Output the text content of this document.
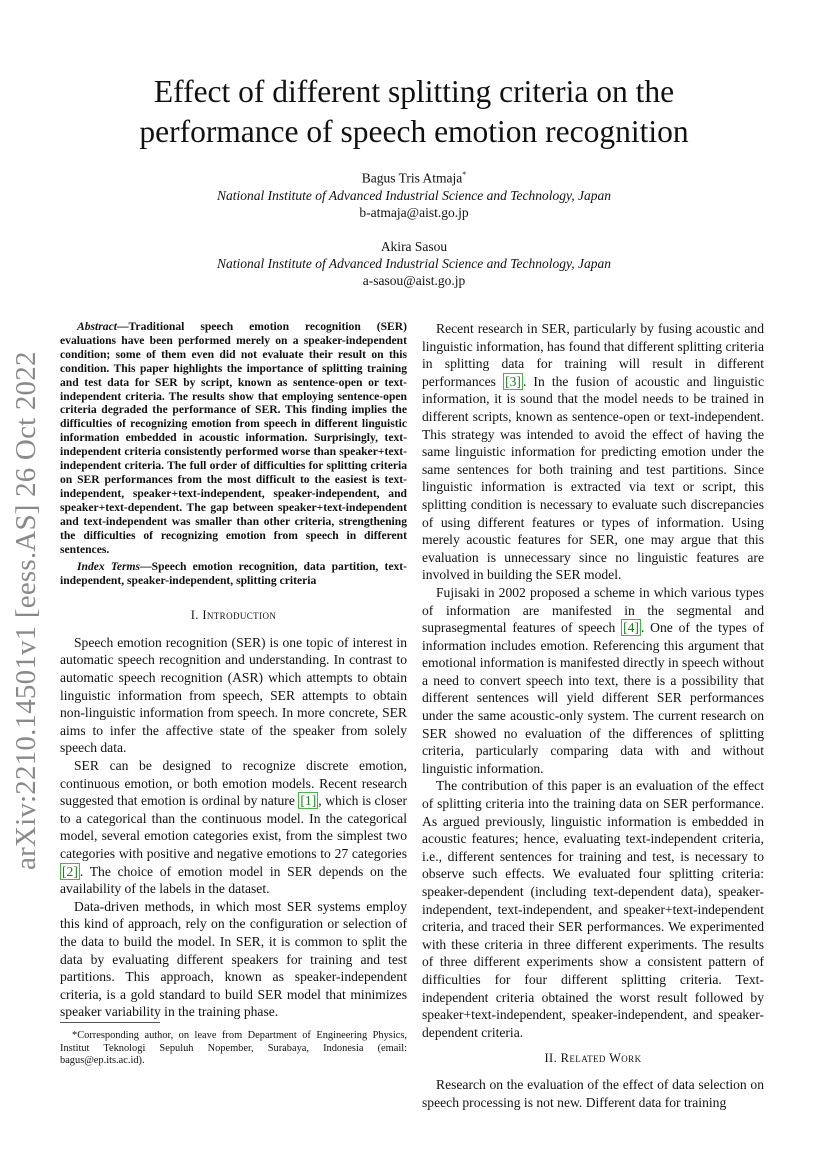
arXiv:2210.14501v1 [eess.AS] 26 Oct 2022
Effect of different splitting criteria on the
performance of speech emotion recognition
Bagus Tris Atmaja*
National Institute of Advanced Industrial Science and Technology, Japan
b-atmaja@aist.go.jp
Akira Sasou
National Institute of Advanced Industrial Science and Technology, Japan
a-sasou@aist.go.jp

Abstract—Traditional speech emotion recognition (SER) evaluations have been performed merely on a speaker-independent condition; some of them even did not evaluate their result on this condition. This paper highlights the importance of splitting training and test data for SER by script, known as sentence-open or text-independent criteria. The results show that employing sentence-open criteria degraded the performance of SER. This finding implies the difficulties of recognizing emotion from speech in different linguistic information embedded in acoustic information. Surprisingly, text-independent criteria consistently performed worse than speaker+text-independent criteria. The full order of difficulties for splitting criteria on SER performances from the most difficult to the easiest is text-independent, speaker+text-independent, speaker-independent, and speaker+text-dependent. The gap between speaker+text-independent and text-independent was smaller than other criteria, strengthening the difficulties of recognizing emotion from speech in different sentences.

Index Terms—Speech emotion recognition, data partition, text-independent, speaker-independent, splitting criteria

I. Introduction

Speech emotion recognition (SER) is one topic of interest in automatic speech recognition and understanding. In contrast to automatic speech recognition (ASR) which attempts to obtain linguistic information from speech, SER attempts to obtain non-linguistic information from speech. In more concrete, SER aims to infer the affective state of the speaker from solely speech data.

SER can be designed to recognize discrete emotion, continuous emotion, or both emotion models. Recent research suggested that emotion is ordinal by nature [1] , which is closer to a categorical than the continuous model. In the categorical model, several emotion categories exist, from the simplest two categories with positive and negative emotions to 27 categories [2] . The choice of emotion model in SER depends on the availability of the labels in the dataset.

Data-driven methods, in which most SER systems employ this kind of approach, rely on the configuration or selection of the data to build the model. In SER, it is common to split the data by evaluating different speakers for training and test partitions. This approach, known as speaker-independent criteria, is a gold standard to build SER model that minimizes speaker variability in the training phase.

*Corresponding author, on leave from Department of Engineering Physics, Institut Teknologi Sepuluh Nopember, Surabaya, Indonesia (email: bagus@ep.its.ac.id).

Recent research in SER, particularly by fusing acoustic and linguistic information, has found that different splitting criteria in splitting data for training will result in different performances [3] . In the fusion of acoustic and linguistic information, it is sound that the model needs to be trained in different scripts, known as sentence-open or text-independent. This strategy was intended to avoid the effect of having the same linguistic information for predicting emotion under the same sentences for both training and test partitions. Since linguistic information is extracted via text or script, this splitting condition is necessary to evaluate such discrepancies of using different features or types of information. Using merely acoustic features for SER, one may argue that this evaluation is unnecessary since no linguistic features are involved in building the SER model.

Fujisaki in 2002 proposed a scheme in which various types of information are manifested in the segmental and suprasegmental features of speech [4] . One of the types of information includes emotion. Referencing this argument that emotional information is manifested directly in speech without a need to convert speech into text, there is a possibility that different sentences will yield different SER performances under the same acoustic-only system. The current research on SER showed no evaluation of the differences of splitting criteria, particularly comparing data with and without linguistic information.

The contribution of this paper is an evaluation of the effect of splitting criteria into the training data on SER performance. As argued previously, linguistic information is embedded in acoustic features; hence, evaluating text-independent criteria, i.e., different sentences for training and test, is necessary to observe such effects. We evaluated four splitting criteria: speaker-dependent (including text-dependent data), speaker-independent, text-independent, and speaker+text-independent criteria, and traced their SER performances. We experimented with these criteria in three different experiments. The results of three different experiments show a consistent pattern of difficulties for four different splitting criteria. Text-independent criteria obtained the worst result followed by speaker+text-independent, speaker-independent, and speaker-dependent criteria.

II. Related Work

Research on the evaluation of the effect of data selection on speech processing is not new. Different data for training
